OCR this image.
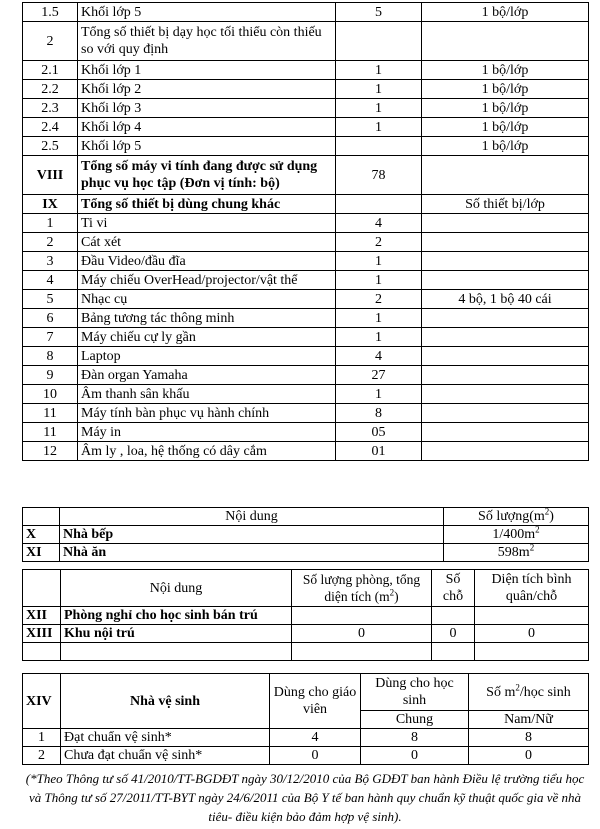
1.5	Khối lớp 5	5	1 bộ/lớp
2	Tổng số thiết bị dạy học tối thiểu còn thiếu so với quy định		
2.1	Khối lớp 1	1	1 bộ/lớp
2.2	Khối lớp 2	1	1 bộ/lớp
2.3	Khối lớp 3	1	1 bộ/lớp
2.4	Khối lớp 4	1	1 bộ/lớp
2.5	Khối lớp 5		1 bộ/lớp
VIII	Tổng số máy vi tính đang được sử dụng phục vụ học tập (Đơn vị tính: bộ)	78	
IX	Tổng số thiết bị dùng chung khác		Số thiết bị/lớp
1	Ti vi	4	
2	Cát xét	2	
3	Đầu Video/đầu đĩa	1	
4	Máy chiếu OverHead/projector/vật thể	1	
5	Nhạc cụ	2	4 bộ, 1 bộ 40 cái
6	Bảng tương tác thông minh	1	
7	Máy chiếu cự ly gần	1	
8	Laptop	4	
9	Đàn organ Yamaha	27	
10	Âm thanh sân khấu	1	
11	Máy tính bàn phục vụ hành chính	8	
11	Máy in	05	
12	Âm ly , loa, hệ thống có dây cắm	01	
	Nội dung	Số $lượng(m^2)$
X	Nhà bếp	$1/400m^2$
XI	Nhà ăn	$598m^2$
	Nội dung	Số lượng phòng, tổng diện tích $(m^2)$	Số chỗ	Diện tích bình quân/chỗ
XII	Phòng nghỉ cho học sinh bán trú			
XIII	Khu nội trú	0	0	0

XIV	Nhà vệ sinh	Dùng cho giáo viên	Dùng cho học sinh	Số $m^2$/học sinh
			Chung	Nam/Nữ
1	Đạt chuẩn vệ sinh*	4	8	8
2	Chưa đạt chuẩn vệ sinh*	0	0	0
(*Theo Thông tư số 41/2010/TT-BGDĐT ngày 30/12/2010 của Bộ GDĐT ban hành Điều lệ trường tiểu học và Thông tư số 27/2011/TT-BYT ngày 24/6/2011 của Bộ Y tế ban hành quy chuẩn kỹ thuật quốc gia về nhà tiêu- điều kiện bảo đảm hợp vệ sinh).
